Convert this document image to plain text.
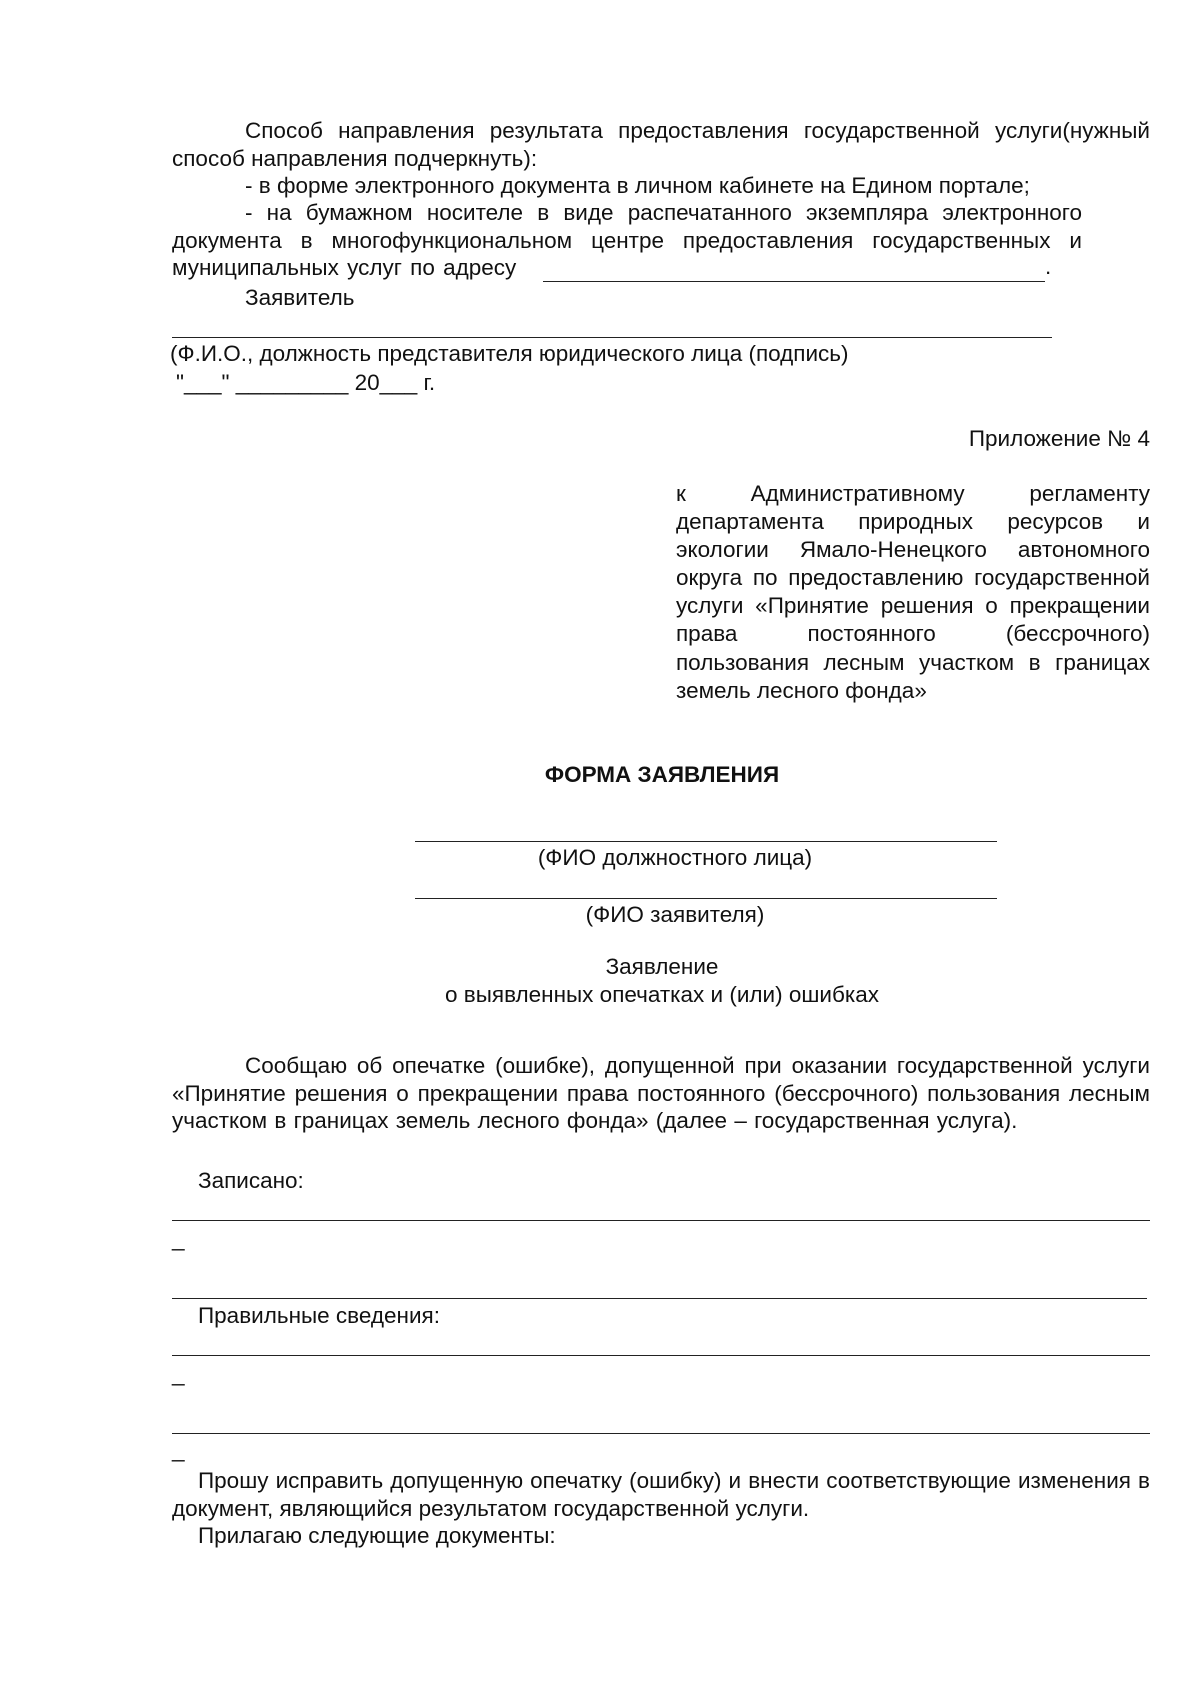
Способ направления результата предоставления государственной услуги(нужный способ направления подчеркнуть):
- в форме электронного документа в личном кабинете на Едином портале;
- на бумажном носителе в виде распечатанного экземпляра электронного документа в многофункциональном центре предоставления государственных и муниципальных услуг по адресу	.
Заявитель
(Ф.И.О., должность представителя юридического лица (подпись)
"___" _________ 20___ г.
Приложение № 4
к Административному регламенту департамента природных ресурсов и экологии Ямало-Ненецкого автономного округа по предоставлению государственной услуги «Принятие решения о прекращении права постоянного (бессрочного) пользования лесным участком в границах земель лесного фонда»
ФОРМА ЗАЯВЛЕНИЯ
(ФИО должностного лица)
(ФИО заявителя)
Заявление
о выявленных опечатках и (или) ошибках
Сообщаю об опечатке (ошибке), допущенной при оказании государственной услуги «Принятие решения о прекращении права постоянного (бессрочного) пользования лесным участком в границах земель лесного фонда» (далее – государственная услуга).
Записано:
_
Правильные сведения:
_
_
Прошу исправить допущенную опечатку (ошибку) и внести соответствующие изменения в документ, являющийся результатом государственной услуги.
Прилагаю следующие документы:
